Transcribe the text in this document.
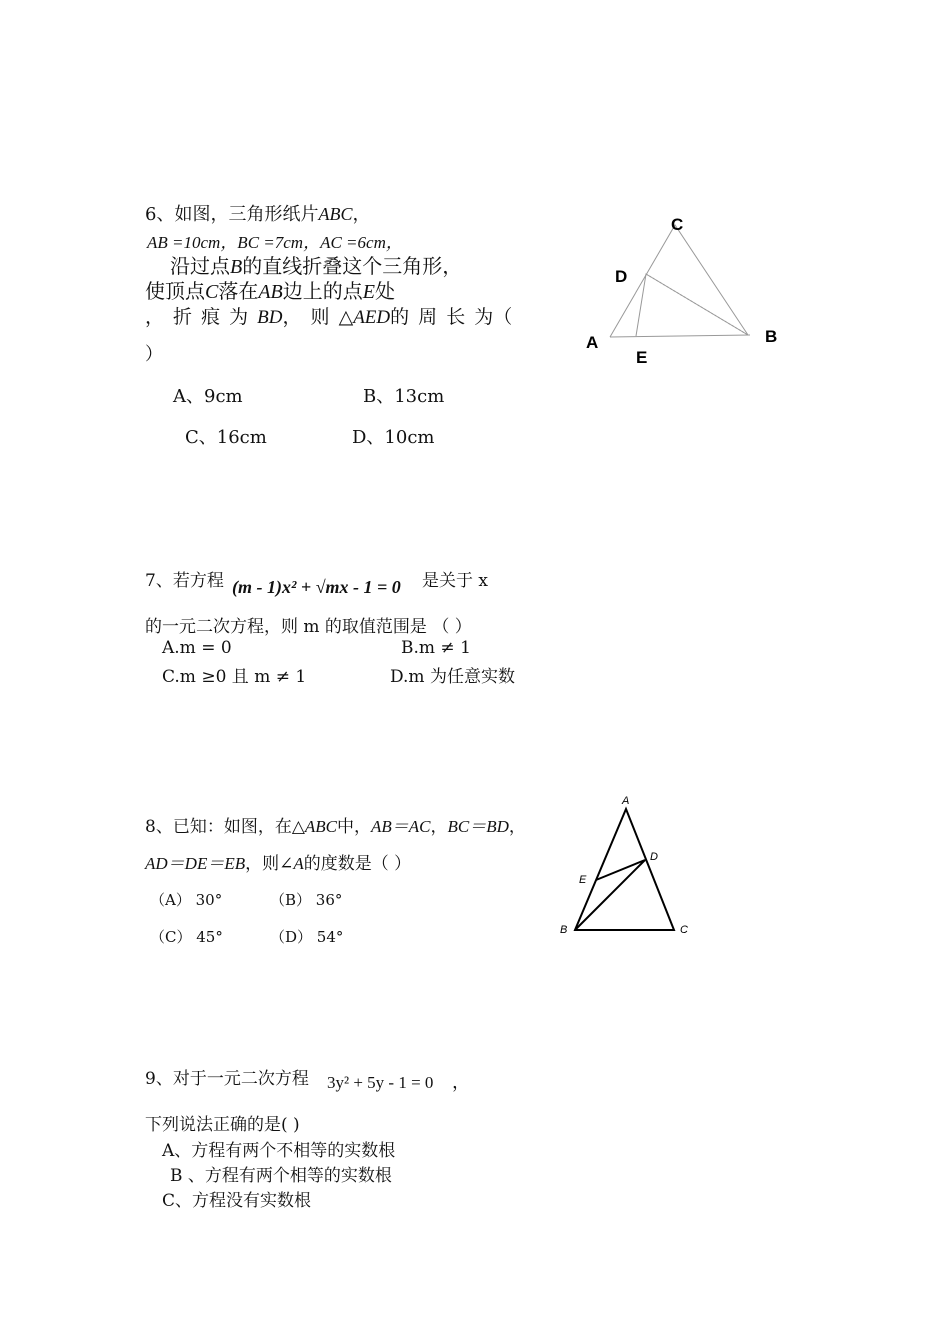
6、如图，三角形纸片ABC，
AB =10cm，BC =7cm，AC =6cm，
沿过点B的直线折叠这个三角形，
使顶点C落在AB边上的点E处
， 折 痕 为 BD， 则 △AED的 周 长 为（
）
A、9cm	B、13cm
C、16cm	D、10cm
C
D
A
E
B
7、若方程 (m - 1)x² + √mx - 1 = 0 是关于 x
的一元二次方程，则 m 的取值范围是 （ ）
A.m = 0	B.m ≠ 1
C.m ≥0 且 m ≠ 1	D.m 为任意实数
8、已知：如图，在△ABC中，AB＝AC，BC＝BD，
AD＝DE＝EB，则∠A的度数是（ ）
（A） 30°	（B） 36°
（C） 45°	（D） 54°
A
D
E
B	C
9、对于一元二次方程 3y² + 5y - 1 = 0 ，
下列说法正确的是( )
A、方程有两个不相等的实数根
B 、方程有两个相等的实数根
C、方程没有实数根
